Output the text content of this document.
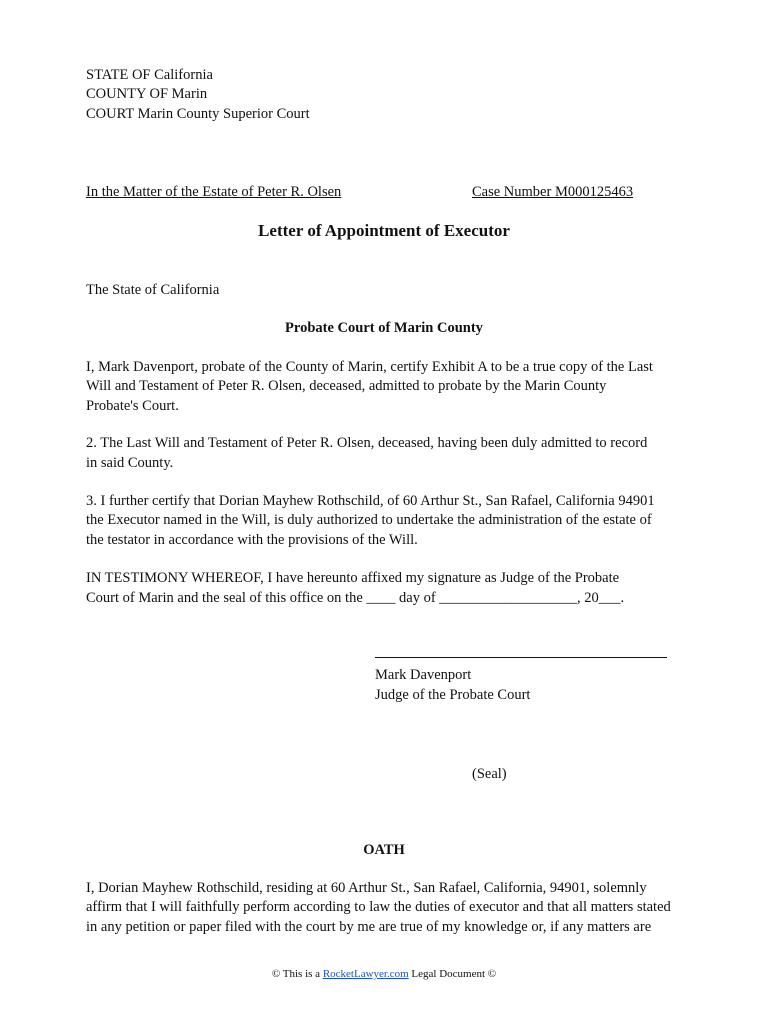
STATE OF California

COUNTY OF Marin

COURT Marin County Superior Court

In the Matter of the Estate of Peter R. Olsen	Case Number M000125463

Letter of Appointment of Executor

The State of California

Probate Court of Marin County

I, Mark Davenport, probate of the County of Marin, certify Exhibit A to be a true copy of the Last

Will and Testament of Peter R. Olsen, deceased, admitted to probate by the Marin County

Probate's Court.

2. The Last Will and Testament of Peter R. Olsen, deceased, having been duly admitted to record

in said County.

3. I further certify that Dorian Mayhew Rothschild, of 60 Arthur St., San Rafael, California 94901

the Executor named in the Will, is duly authorized to undertake the administration of the estate of

the testator in accordance with the provisions of the Will.

IN TESTIMONY WHEREOF, I have hereunto affixed my signature as Judge of the Probate

Court of Marin and the seal of this office on the ____ day of ___________________, 20___.

Mark Davenport

Judge of the Probate Court

(Seal)

OATH

I, Dorian Mayhew Rothschild, residing at 60 Arthur St., San Rafael, California, 94901, solemnly

affirm that I will faithfully perform according to law the duties of executor and that all matters stated

in any petition or paper filed with the court by me are true of my knowledge or, if any matters are

© This is a RocketLawyer.com Legal Document ©
